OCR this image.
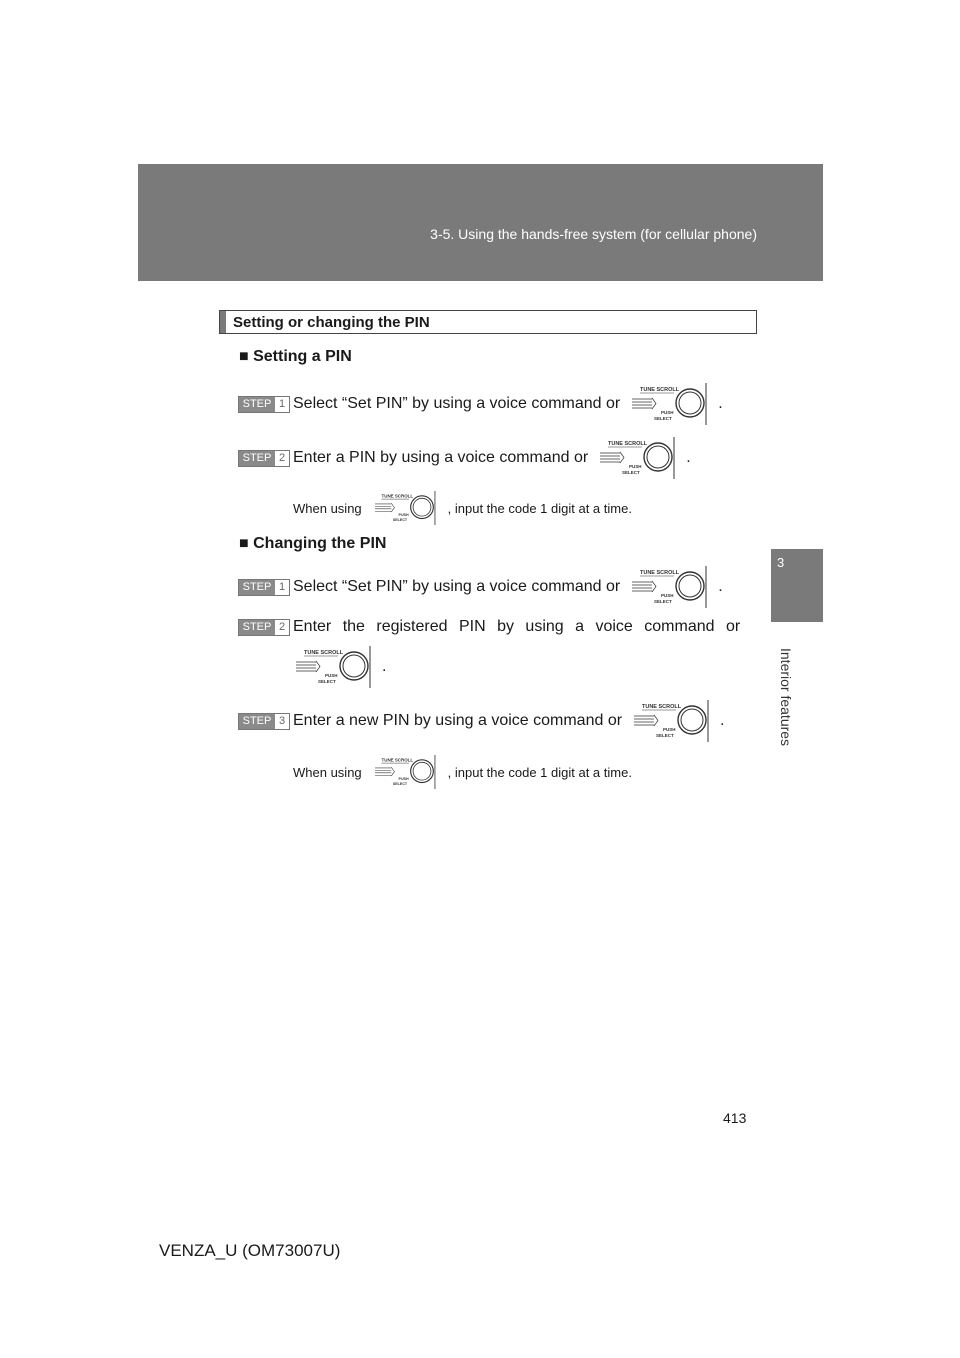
3-5. Using the hands-free system (for cellular phone)
3
Interior features
Setting or changing the PIN
■ Setting a PIN
STEP 1 Select “Set PIN” by using a voice command or
TUNE SCROLL
PUSH
SELECT
.
STEP 2 Enter a PIN by using a voice command or
TUNE SCROLL
PUSH
SELECT
.
When using
TUNE SCROLL
PUSH
SELECT
, input the code 1 digit at a time.
■ Changing the PIN
STEP 1 Select “Set PIN” by using a voice command or
TUNE SCROLL
PUSH
SELECT
.
STEP 2 Enter the registered PIN by using a voice command or
TUNE SCROLL
PUSH
SELECT
.
STEP 3 Enter a new PIN by using a voice command or
TUNE SCROLL
PUSH
SELECT
.
When using
TUNE SCROLL
PUSH
SELECT
, input the code 1 digit at a time.
413
VENZA_U (OM73007U)
